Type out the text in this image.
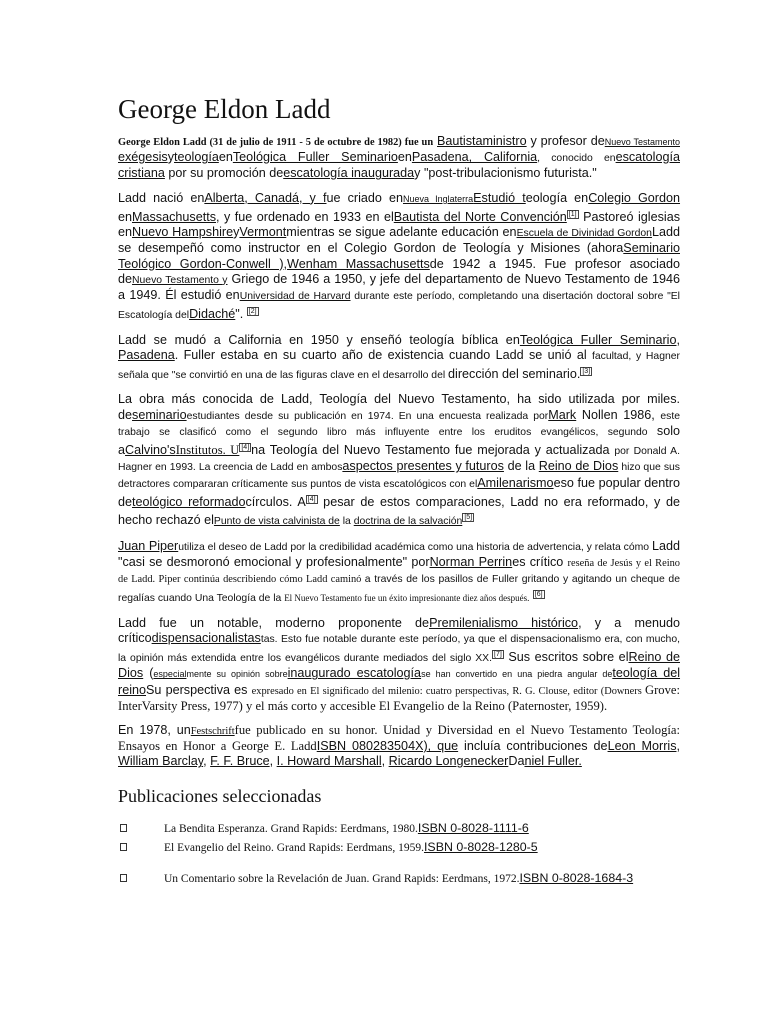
George Eldon Ladd

George Eldon Ladd (31 de julio de 1911 - 5 de octubre de 1982) fue un Bautistaministro y profesor deNuevo Testamento exégesisyteologíaenTeológica Fuller SeminarioenPasadena, California, conocido enescatología cristiana por su promoción deescatología inauguraday "post-tribulacionismo futurista."

Ladd nació enAlberta, Canadá, y fue criado enNueva InglaterraEstudió teología enColegio Gordon enMassachusetts, y fue ordenado en 1933 en elBautista del Norte Convención [1] Pastoreó iglesias enNuevo HampshireyVermontmientras se sigue adelante educación enEscuela de Divinidad GordonLadd se desempeñó como instructor en el Colegio Gordon de Teología y Misiones (ahoraSeminario Teológico Gordon-Conwell ),Wenham Massachusettsde 1942 a 1945. Fue profesor asociado deNuevo Testamento y Griego de 1946 a 1950, y jefe del departamento de Nuevo Testamento de 1946 a 1949. Él estudió enUniversidad de Harvard durante este período, completando una disertación doctoral sobre "El Escatología delDidaché". [2]

Ladd se mudó a California en 1950 y enseñó teología bíblica enTeológica Fuller Seminario, Pasadena. Fuller estaba en su cuarto año de existencia cuando Ladd se unió al facultad, y Hagner señala que "se convirtió en una de las figuras clave en el desarrollo del dirección del seminario. [3]

La obra más conocida de Ladd, Teología del Nuevo Testamento, ha sido utilizada por miles. deseminarioestudiantes desde su publicación en 1974. En una encuesta realizada porMark Nollen 1986, este trabajo se clasificó como el segundo libro más influyente entre los eruditos evangélicos, segundo solo aCalvino'sInstitutos. U [4] na Teología del Nuevo Testamento fue mejorada y actualizada por Donald A. Hagner en 1993. La creencia de Ladd en ambosaspectos presentes y futuros de la Reino de Dios hizo que sus detractores compararan críticamente sus puntos de vista escatológicos con elAmilenarismoeso fue popular dentro deteológico reformadocírculos. A [4] pesar de estos comparaciones, Ladd no era reformado, y de hecho rechazó elPunto de vista calvinista de la doctrina de la salvación [5]

Juan Piperutiliza el deseo de Ladd por la credibilidad académica como una historia de advertencia, y relata cómo Ladd "casi se desmoronó emocional y profesionalmente" porNorman Perrines crítico reseña de Jesús y el Reino de Ladd. Piper continúa describiendo cómo Ladd caminó a través de los pasillos de Fuller gritando y agitando un cheque de regalías cuando Una Teología de la El Nuevo Testamento fue un éxito impresionante diez años después. [6]

Ladd fue un notable, moderno proponente dePremilenialismo histórico, y a menudo críticodispensacionalistastas. Esto fue notable durante este período, ya que el dispensacionalismo era, con mucho, la opinión más extendida entre los evangélicos durante mediados del siglo XX. [7] Sus escritos sobre elReino de Dios (especialmente su opinión sobreinaugurado escatologíase han convertido en una piedra angular deteología del reinoSu perspectiva es expresado en El significado del milenio: cuatro perspectivas, R. G. Clouse, editor (Downers Grove: InterVarsity Press, 1977) y el más corto y accesible El Evangelio de la Reino (Paternoster, 1959).

En 1978, unFestschriftfue publicado en su honor. Unidad y Diversidad en el Nuevo Testamento Teología: Ensayos en Honor a George E. LaddISBN 080283504X), que incluía contribuciones deLeon Morris, William Barclay, F. F. Bruce, I. Howard Marshall, Ricardo LongeneckerDaniel Fuller.

Publicaciones seleccionadas
La Bendita Esperanza. Grand Rapids: Eerdmans, 1980.ISBN 0-8028-1111-6
El Evangelio del Reino. Grand Rapids: Eerdmans, 1959.ISBN 0-8028-1280-5
Un Comentario sobre la Revelación de Juan. Grand Rapids: Eerdmans, 1972.ISBN 0-8028-1684-3
